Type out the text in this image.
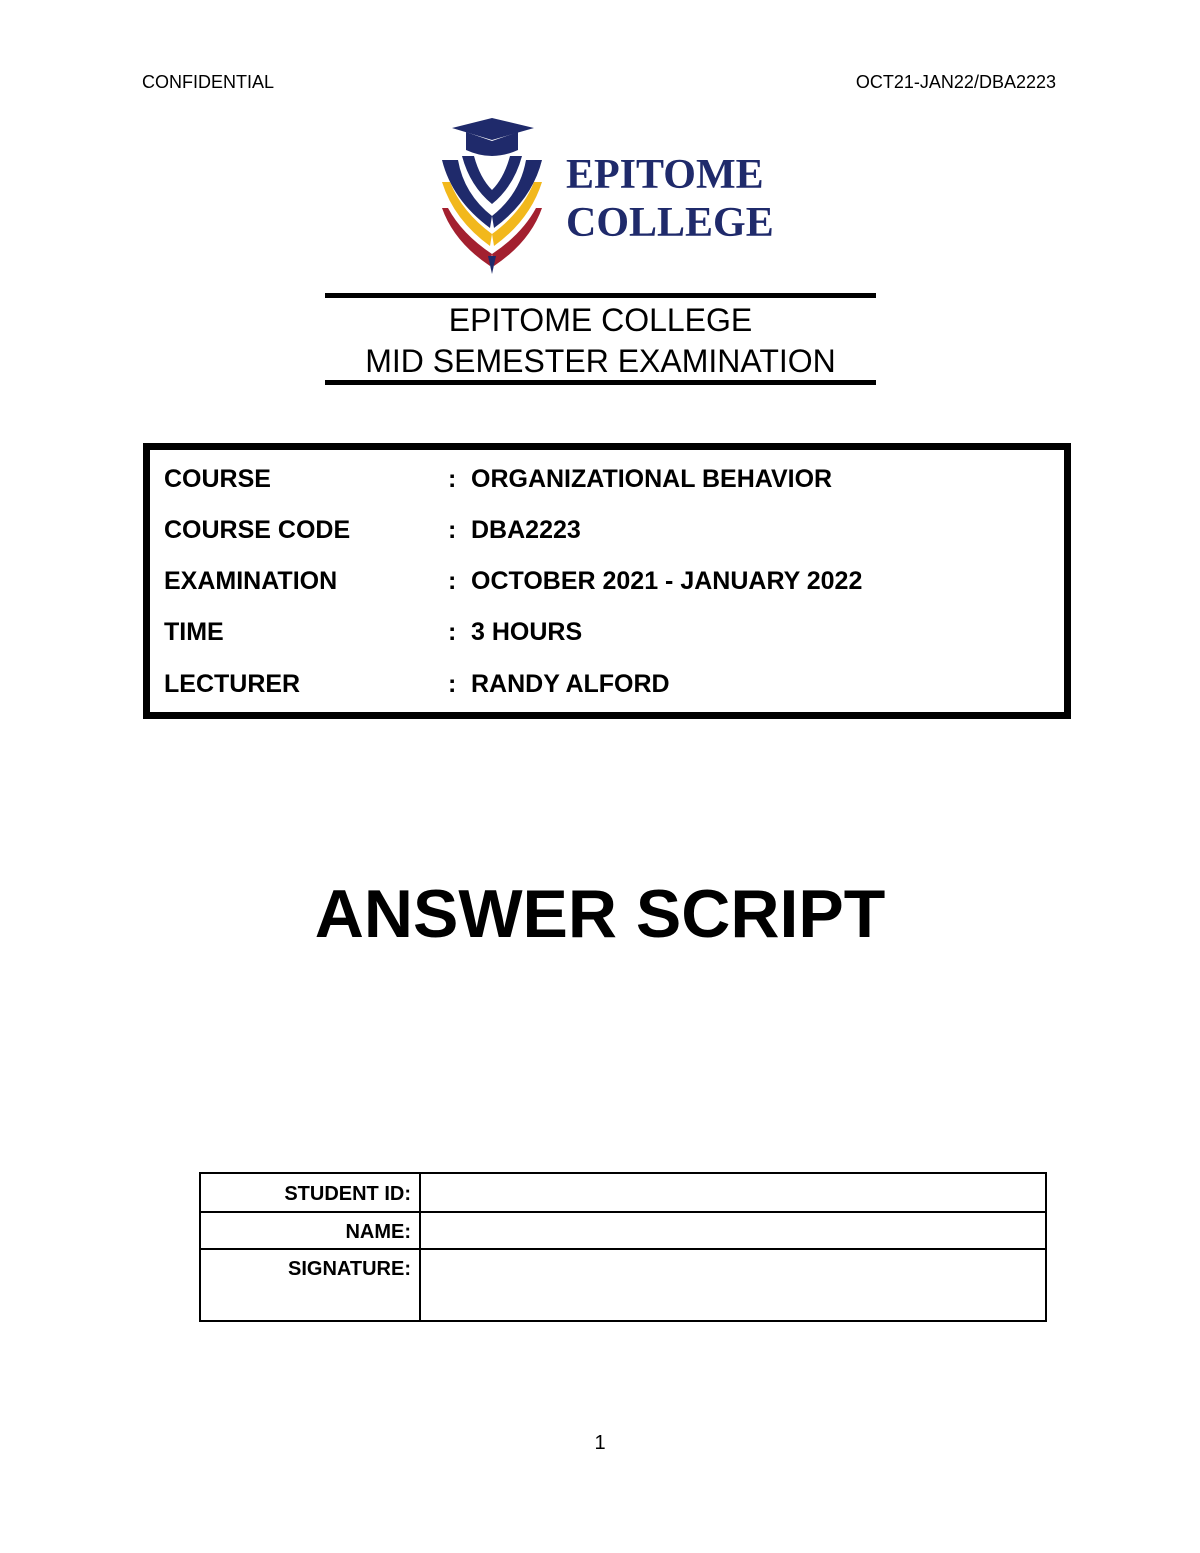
CONFIDENTIAL	OCT21-JAN22/DBA2223
EPITOME
COLLEGE
EPITOME COLLEGE
MID SEMESTER EXAMINATION
COURSE	: ORGANIZATIONAL BEHAVIOR
COURSE CODE	: DBA2223
EXAMINATION	: OCTOBER 2021 - JANUARY 2022
TIME	: 3 HOURS
LECTURER	: RANDY ALFORD
ANSWER SCRIPT
STUDENT ID:	
NAME:	
SIGNATURE:	
1
